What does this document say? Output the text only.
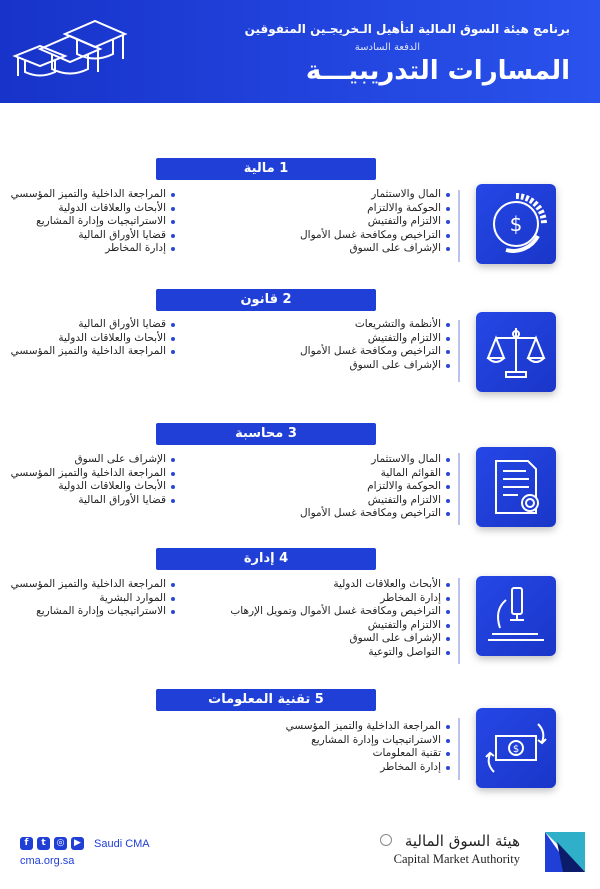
برنامج هيئة السوق المالية لتأهيل الـخريجـين المتفوقين
الدفعة السادسة
المسارات التدريبيـــة
1 مالية
$
المال والاستثمار
الحوكمة والالتزام
الالتزام والتفتيش
التراخيص ومكافحة غسل الأموال
الإشراف على السوق
المراجعة الداخلية والتميز المؤسسي
الأبحاث والعلاقات الدولية
الاستراتيجيات وإدارة المشاريع
قضايا الأوراق المالية
إدارة المخاطر
2 قانون
الأنظمة والتشريعات
الالتزام والتفتيش
التراخيص ومكافحة غسل الأموال
الإشراف على السوق
قضايا الأوراق المالية
الأبحاث والعلاقات الدولية
المراجعة الداخلية والتميز المؤسسي
3 محاسبة
المال والاستثمار
القوائم المالية
الحوكمة والالتزام
الالتزام والتفتيش
التراخيص ومكافحة غسل الأموال
الإشراف على السوق
المراجعة الداخلية والتميز المؤسسي
الأبحاث والعلاقات الدولية
قضايا الأوراق المالية
4 إدارة
الأبحاث والعلاقات الدولية
إدارة المخاطر
التراخيص ومكافحة غسل الأموال وتمويل الإرهاب
الالتزام والتفتيش
الإشراف على السوق
التواصل والتوعية
المراجعة الداخلية والتميز المؤسسي
الموارد البشرية
الاستراتيجيات وإدارة المشاريع
5 تقنية المعلومات
$
المراجعة الداخلية والتميز المؤسسي
الاستراتيجيات وإدارة المشاريع
تقنية المعلومات
إدارة المخاطر
f	t	◎	▶ Saudi CMA
cma.org.sa
هيئة السوق المالية
Capital Market Authority
